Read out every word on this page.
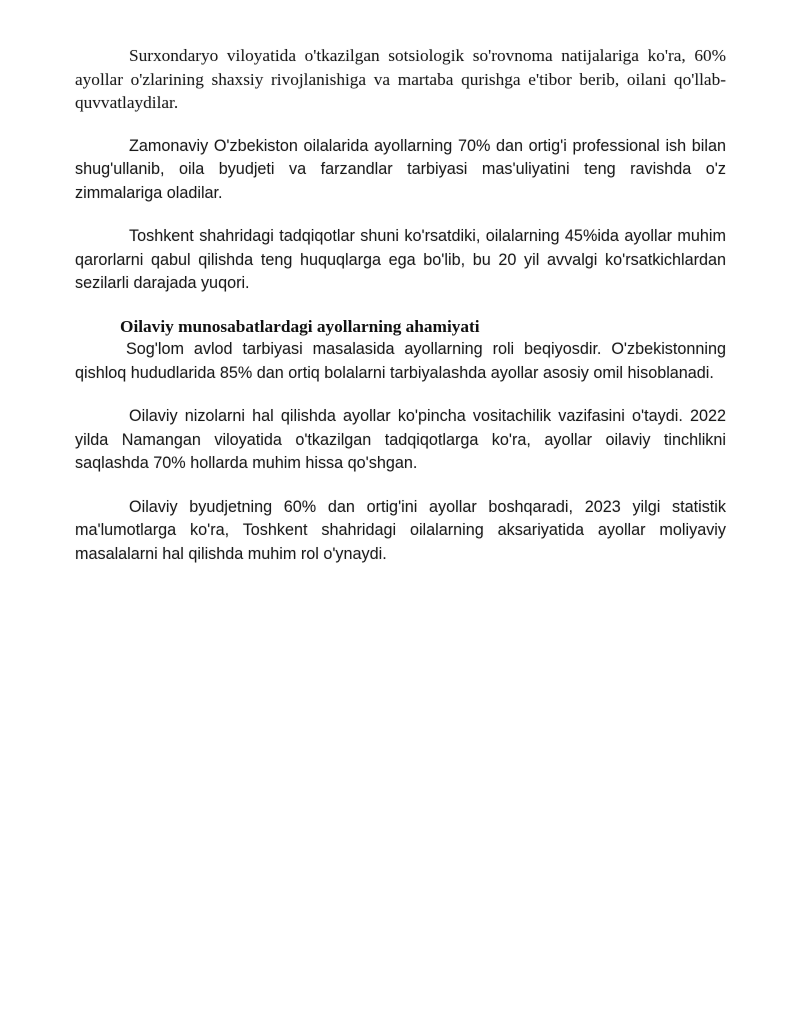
Surxondaryo viloyatida o'tkazilgan sotsiologik so'rovnoma natijalariga ko'ra, 60% ayollar o'zlarining shaxsiy rivojlanishiga va martaba qurishga e'tibor berib, oilani qo'llab-quvvatlaydilar.

Zamonaviy O'zbekiston oilalarida ayollarning 70% dan ortig'i professional ish bilan shug'ullanib, oila byudjeti va farzandlar tarbiyasi mas'uliyatini teng ravishda o'z zimmalariga oladilar.

Toshkent shahridagi tadqiqotlar shuni ko'rsatdiki, oilalarning 45%ida ayollar muhim qarorlarni qabul qilishda teng huquqlarga ega bo'lib, bu 20 yil avvalgi ko'rsatkichlardan sezilarli darajada yuqori.

Oilaviy munosabatlardagi ayollarning ahamiyati

Sog'lom avlod tarbiyasi masalasida ayollarning roli beqiyosdir. O'zbekistonning qishloq hududlarida 85% dan ortiq bolalarni tarbiyalashda ayollar asosiy omil hisoblanadi.

Oilaviy nizolarni hal qilishda ayollar ko'pincha vositachilik vazifasini o'taydi. 2022 yilda Namangan viloyatida o'tkazilgan tadqiqotlarga ko'ra, ayollar oilaviy tinchlikni saqlashda 70% hollarda muhim hissa qo'shgan.

Oilaviy byudjetning 60% dan ortig'ini ayollar boshqaradi, 2023 yilgi statistik ma'lumotlarga ko'ra, Toshkent shahridagi oilalarning aksariyatida ayollar moliyaviy masalalarni hal qilishda muhim rol o'ynaydi.
